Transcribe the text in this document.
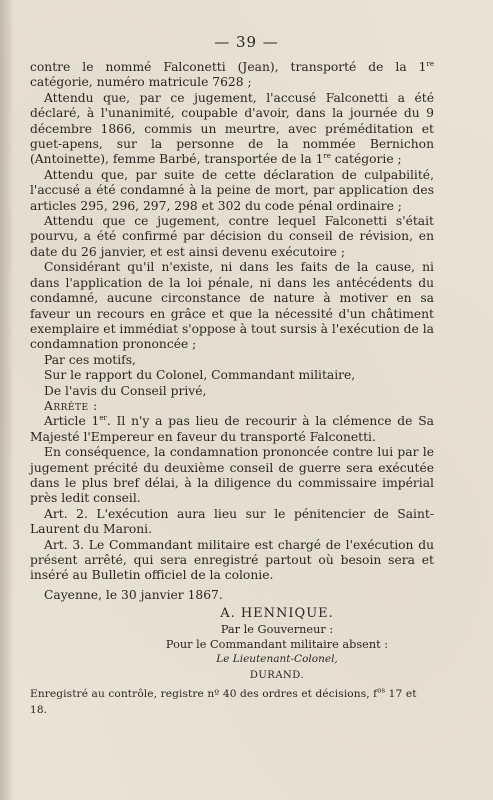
— 39 —

contre le nommé Falconetti (Jean), transporté de la 1re catégorie, numéro matricule 7628 ;

Attendu que, par ce jugement, l'accusé Falconetti a été déclaré, à l'unanimité, coupable d'avoir, dans la journée du 9 décembre 1866, commis un meurtre, avec préméditation et guet-apens, sur la personne de la nommée Bernichon (Antoinette), femme Barbé, transportée de la 1re catégorie ;

Attendu que, par suite de cette déclaration de culpabilité, l'accusé a été condamné à la peine de mort, par application des articles 295, 296, 297, 298 et 302 du code pénal ordinaire ;

Attendu que ce jugement, contre lequel Falconetti s'était pourvu, a été confirmé par décision du conseil de révision, en date du 26 janvier, et est ainsi devenu exécutoire ;

Considérant qu'il n'existe, ni dans les faits de la cause, ni dans l'application de la loi pénale, ni dans les antécédents du condamné, aucune circonstance de nature à motiver en sa faveur un recours en grâce et que la nécessité d'un châtiment exemplaire et immédiat s'oppose à tout sursis à l'exécution de la condamnation prononcée ;

Par ces motifs,

Sur le rapport du Colonel, Commandant militaire,

De l'avis du Conseil privé,

Arrête :

Article 1er. Il n'y a pas lieu de recourir à la clémence de Sa Majesté l'Empereur en faveur du transporté Falconetti.

En conséquence, la condamnation prononcée contre lui par le jugement précité du deuxième conseil de guerre sera exécutée dans le plus bref délai, à la diligence du commissaire impérial près ledit conseil.

Art. 2. L'exécution aura lieu sur le pénitencier de Saint-Laurent du Maroni.

Art. 3. Le Commandant militaire est chargé de l'exécution du présent arrêté, qui sera enregistré partout où besoin sera et inséré au Bulletin officiel de la colonie.

Cayenne, le 30 janvier 1867.

A. HENNIQUE.

Par le Gouverneur :

Pour le Commandant militaire absent :

Le Lieutenant-Colonel,

DURAND.

Enregistré au contrôle, registre nº 40 des ordres et décisions, $f^{os}$ 17 et 18.
